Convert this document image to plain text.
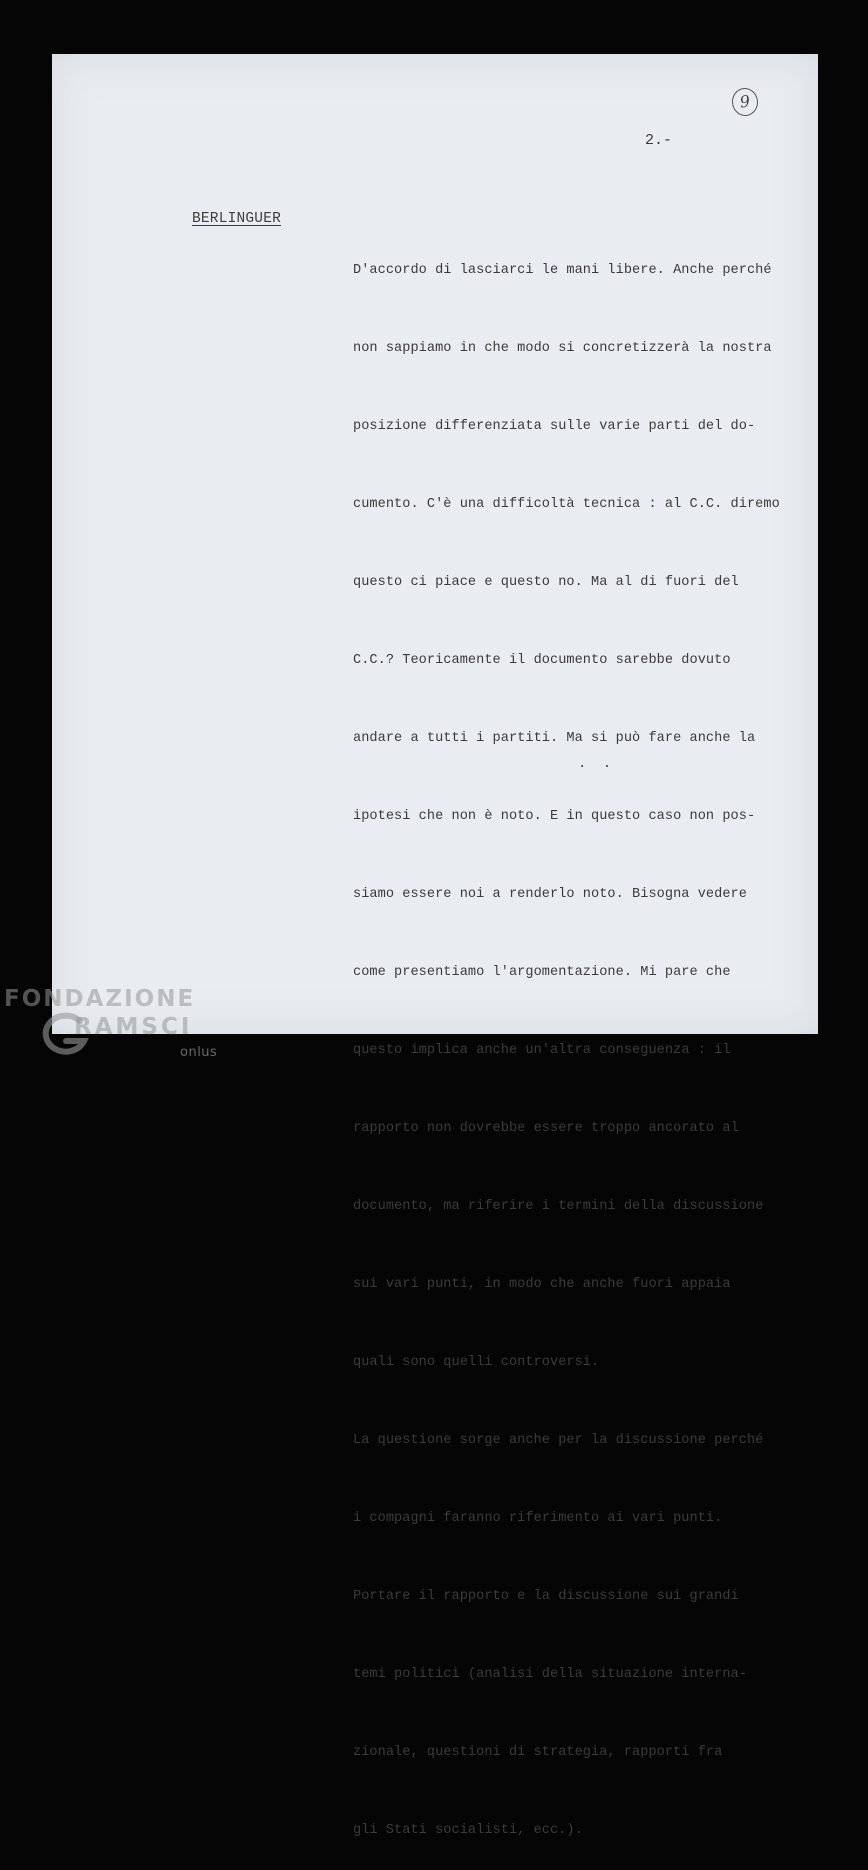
9
2.-
BERLINGUER

D'accordo di lasciarci le mani libere. Anche perché

non sappiamo in che modo si concretizzerà la nostra

posizione differenziata sulle varie parti del do-

cumento. C'è una difficoltà tecnica : al C.C. diremo

questo ci piace e questo no. Ma al di fuori del

C.C.? Teoricamente il documento sarebbe dovuto

andare a tutti i partiti. Ma si può fare anche la

ipotesi che non è noto. E in questo caso non pos-

siamo essere noi a renderlo noto. Bisogna vedere

come presentiamo l'argomentazione. Mi pare che

questo implica anche un'altra conseguenza : il

rapporto non dovrebbe essere troppo ancorato al

documento, ma riferire i termini della discussione

sui vari punti, in modo che anche fuori appaia

quali sono quelli controversi.

La questione sorge anche per la discussione perché

i compagni faranno riferimento ai vari punti.

Portare il rapporto e la discussione sui grandi

temi politici (analisi della situazione interna-

zionale, questioni di strategia, rapporti fra

gli Stati socialisti, ecc.).

. .
FONDAZIONE
RAMSCI
onlus
